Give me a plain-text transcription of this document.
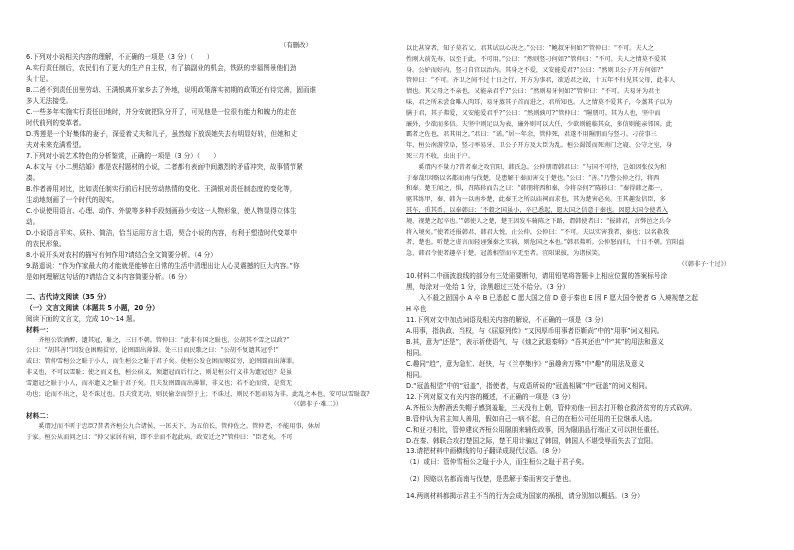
（有删改）

6.下列对小说相关内容的理解，不正确的一项是（3 分）（　　）

A.实行责任制后，农民们有了更大的生产自主权，有了搞副业的机会，铁跃的幸福图景他们劲

头十足。

B.二爸不到责任田里劳动、王满银离开家乡去了外地，说明政策落实初期的政策还有待完善，固而谁

多人无法接受。

C.一些多年实施实行责任田地时，并分安就把队分开了，可见他是一位很有能力和魄力的走在

时代前列的变革者。

D.秀莲是一个好集体的妻子，深爱着丈夫和儿子，虽然嫁下放误她失去有明显好转，但她和丈

夫对未来充满希望。

7.下列对小说艺术特色的分析鉴赏，正确的一项是（3 分）（　　）

A.本文与《小二黑结婚》都是农村题材的小说，二者都有表面中间激烈的矛盾冲突，故事情节紧

凑。

B.作者善用对比，比如责任制实行前后村民劳动热情的变化、王满银对责任制态度的变化等，

生动地刻画了一个时代的现实。

C.小说使用语言、心理、动作、外貌等多种手段刻画孙少安这一人物形象，使人物显得立体生

动。

D.小说语言平实、质朴、简洁，恰当运用方言土语，契合小说的内容，有利于塑造时代变革中

的农民形象。

8.小说开头对农村的描写有何作用?请结合全文简要分析。（4 分）

9.路遥说：“作为作家最大的才能就是能够在日常的生活中清理出让人心灵震撼的巨大内容。”你

是如何理解这句话的?请结合文本内容简要分析。（6 分）

二、古代诗文阅读（35 分）

（一）文言文阅读（本题共 5 小题，20 分）

阅读下面的文言文，完成 10～14 题。

材料一：

　　齐桓公饮酒醉，遗其冠，耻之，三日不朝。管仲曰：“此非有国之耻也，公胡其不雪之以政?”

公曰：“胡其善!”因发仓困赐贫穷，论囹圄出薄罪。处三日而民歌之曰：“公胡不复遗其冠乎!”

或曰：管仲雪桓公之耻于小人，而生桓公之耻于君子矣。使桓公发仓困而赐贫穷，论囹圄而出薄罪，

非义也，不可以雪耻；使之而义也，桓公宿义，须遗冠而后行之，则是桓公行义非为遗冠也？是虽

雪遗冠之耻于小人，而亦遗义之耻于君子矣。且夫发囹圄而出薄罪，非义也；若不论而赏，是赏无

功也；论而不出之，是不诛过也。且夫赏无功，则民偷幸而望于上；不诛过，则民不惩而易为非。此乱之本也，安可以雪耻哉?

（《韩非子·难二》）

材料二：

　　奚谓过而不听于忠臣?昔者齐桓公九合诸侯，一匡天下，为五伯长，管仲佐之。管仲老，不能用事，休居

于家。桓公从而问之曰：“仲父家居有病，即不幸而不起此病，政安迁之?”管仲曰：“臣老矣，不可

以比甚穿者，知子莫若父。君其试以心决之。”公曰：“鲍叔牙何如?”管仲曰：“不可。夫人之

性刚大前先寿，以至于此。不可用。”公曰：“然则竖刁何如?”管仲曰：“不可。夫人之情莫不爱其

身。公妒而好内，竖刁自宫以治内。其身之不爱，又安能爱君?”公曰：“然则卫公子开方何如?”

管仲曰：“不可。齐卫之间不过十日之行，开方为事君，欲适君之故，十五年不归见其父母，此非人

情也。其父母之不亲也，又能亲君乎?”公曰：“然则易牙何如?”管仲曰：“不可。夫易牙为君主

味，君之所未尝食唯人肉耳，易牙蒸其子首而进之，君所知也。人之情莫不爱其子，今蒸其子以为

膳于君，其子弗爱，又安能爱君乎?”公曰：“然则孰可?”管仲曰：“隰朋可。其为人也，坚中而

廉外，少欲而多信。夫坚中则足以为表，廉外则可以大任，少欲则能临其众，多信则能亲邻国。此

霸者之佐也，君其用之。”君曰：“诺。”居一年余，管仲死，君遂不用隰朋而与竖刁。刁莅事三

年，桓公南游堂阜，竖刁率易牙、卫公子开方及大臣为乱。桓公渴馁而死南门之寝、公守之室，身

死三月不收，虫出于户。

　　奚谓内不量力?昔者秦之攻宜阳，韩氏急。公仲朋谓韩君曰：“与国不可恃，岂如因张仪为和

于秦哉!因赂以名都而南与伐楚，是患解于秦而害交于楚也。”公曰：“善。”乃警公仲之行，将西

和秦。楚王闻之，惧，召陈轸而告之曰：“韩朋将西和秦，今将奈何?”陈轸曰：“秦得韩之都一，

驱其练甲，秦、韩为一以南乡楚，此秦王之所以庙祠而求也，其为楚害必矣。王其趣发信臣，多

其车，重其币，以奉韩曰：‘不穀之国虽小，卒已悉起，愿大国之信意于秦也。因愿大国令使者入

境，视楚之起卒也。’”韩使人之楚，楚王因发车骑陈之下路，谓韩使者曰：“报韩君，言弊邑之兵今

将入境矣。”使者还报韩君，韩君大悦，止公仲。公仲曰：“不可。夫以实害我者，秦也；以名救我

者，楚也。听楚之虚言而轻诬强秦之实祸，则危国之本也。”韩君弗听。公仲怒而归，十日不朝。宜阳益

急，韩君令使者趣卒于楚，冠盖相望而卒无至者。宜阳果拔，为诸侯笑。

（《韩非子·十过》）

10.材料二中画波浪线的部分有三处需要断句，请用铅笔将答题卡上相应位置的答案标号涂

黑，每涂对一处给 1 分，涂黑超过三处不给分。（3 分）

　　入不殺之固国小 A 卒 B 已悉起 C 愿大国之信 D 意于秦也 E 因 F 愿大国令使者 G 入境视楚之起

H 卒也

11.下列对文中加点词语及相关内容的解说，不正确的一项是（3 分）

A.用事，指执政、当权，与《屈原列传》“又因厚币用事者臣靳尚”中的“用事”词义相同。

B.其，意为“还是”，表示祈使语气，与《烛之武退秦师》“吾其还也”中“其”的用法和意义

相同。

C.趣同“趋”，意为急忙、赶快，与《兰亭集序》“虽趣舍万殊”中“趣”的用法及意义

相同。

D.“冠盖相望”中的“冠盖”，指使者，与成语所说的“冠盖相属”中“冠盖”的词义相同。

12.下列对原文有关内容的概述，不正确的一项是（3 分）

A.齐桓公为醉酒丢失帽子感到羞耻，三天没有上朝，管仲劝他一回去打开粮仓救济贫穷的方式砍碎。

B.管仲认为君主知人善用，假如自己一病不起，自己的在桓公可任用的王位继承人选。

C.和亚刁相比，管仲建议齐桓公用隰朋来辅佐政事，因为隰朋品行端正又可以担任重任。

D.在秦、韩联合攻打楚国之际，楚王用计骗过了韩国，韩国人不堪受辱而失去了宜阳。

13.请把材料中画横线的句子翻译成现代汉语。（8 分）

（1）或曰：管仲雪桓公之耻于小人，而生桓公之耻于君子矣。

（2）因赂以名都而南与伐楚，是患解于秦而害交于楚也。

14.两则材料都揭示君主不当的行为会成为国家的祸根，请分别加以概括。（3 分）
